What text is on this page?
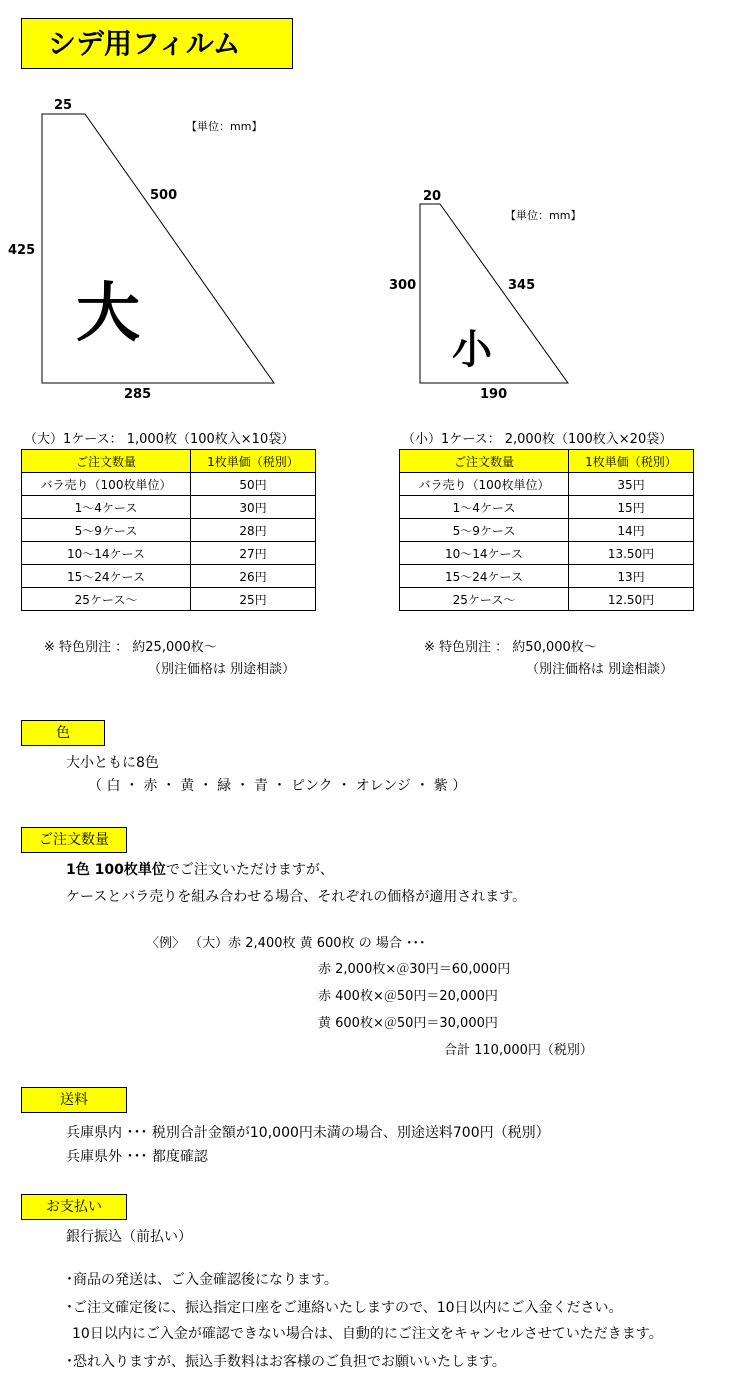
シデ用フィルム
25
【単位：mm】
500
425
大
285
20
【単位：mm】
300	345
小
190
（大）1ケース： 1,000枚（100枚入×10袋）	（小）1ケース： 2,000枚（100枚入×20袋）
ご注文数量	1枚単価（税別）
バラ売り（100枚単位）	50円
1～4ケース	30円
5～9ケース	28円
10～14ケース	27円
15～24ケース	26円
25ケース～	25円
ご注文数量	1枚単価（税別）
バラ売り（100枚単位）	35円
1～4ケース	15円
5～9ケース	14円
10～14ケース	13.50円
15～24ケース	13円
25ケース～	12.50円
※ 特色別注 ： 約25,000枚～
（別注価格は 別途相談）
※ 特色別注 ： 約50,000枚～
（別注価格は 別途相談）
色
大小ともに8色
（ 白 ・ 赤 ・ 黄 ・ 緑 ・ 青 ・ ピンク ・ オレンジ ・ 紫 ）
ご注文数量
1色 100枚単位でご注文いただけますが、
ケースとバラ売りを組み合わせる場合、それぞれの価格が適用されます。
〈例〉 （大）赤 2,400枚 黄 600枚 の 場合 ･･･
赤 2,000枚×＠30円＝60,000円
赤 400枚×＠50円＝20,000円
黄 600枚×＠50円＝30,000円
合計 110,000円（税別）
送料
兵庫県内 ･･･ 税別合計金額が10,000円未満の場合、別途送料700円（税別）
兵庫県外 ･･･ 都度確認
お支払い
銀行振込（前払い）
･商品の発送は、ご入金確認後になります。
･ご注文確定後に、振込指定口座をご連絡いたしますので、10日以内にご入金ください。
10日以内にご入金が確認できない場合は、自動的にご注文をキャンセルさせていただきます。
･恐れ入りますが、振込手数料はお客様のご負担でお願いいたします。
